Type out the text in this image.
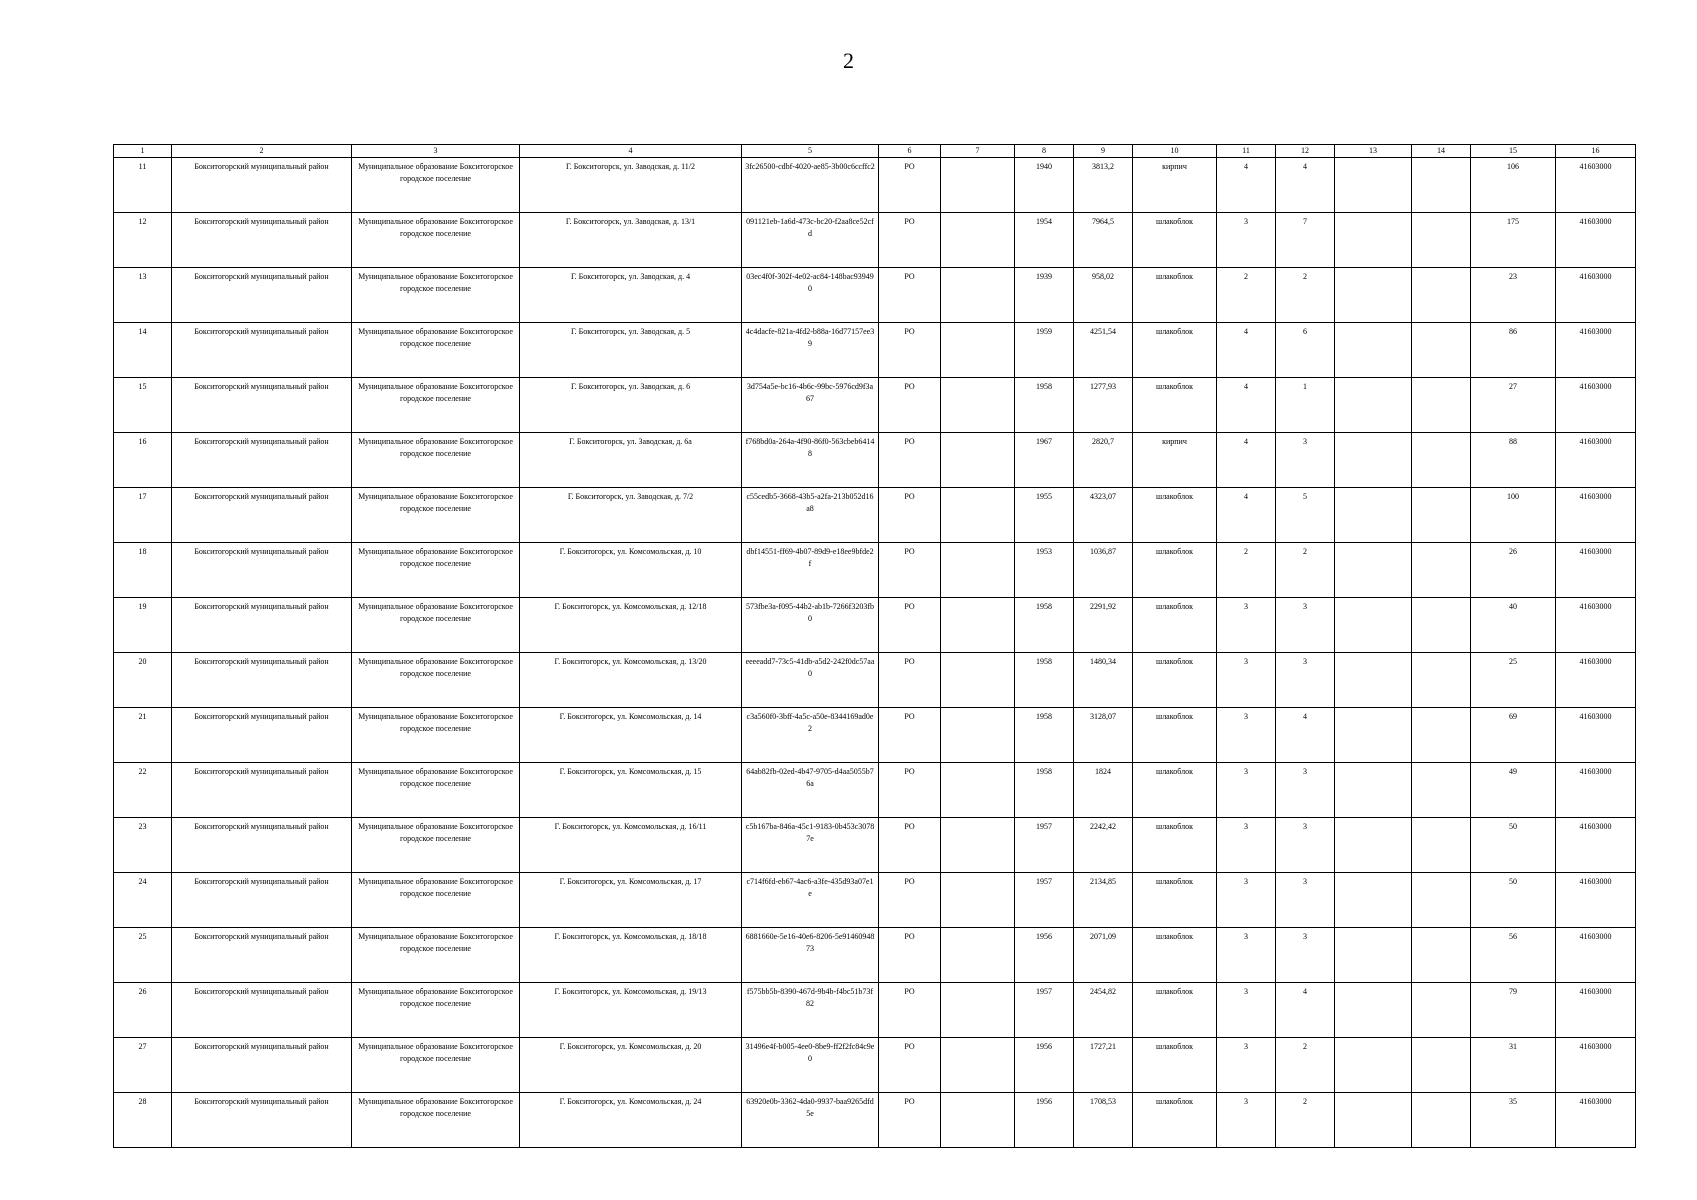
2
1	2	3	4	5	6	7	8	9	10	11	12	13	14	15	16
11	Бокситогорский муниципальный район	Муниципальное образование Бокситогорское городское поселение	Г. Бокситогорск, ул. Заводская, д. 11/2	3fc26500-cdbf-4020-ae85-3b00c6ccffc2	РО		1940	3813,2	кирпич	4	4			106	41603000
12	Бокситогорский муниципальный район	Муниципальное образование Бокситогорское городское поселение	Г. Бокситогорск, ул. Заводская, д. 13/1	091121eb-1a6d-473c-bc20-f2aa8ce52cfd	РО		1954	7964,5	шлакоблок	3	7			175	41603000
13	Бокситогорский муниципальный район	Муниципальное образование Бокситогорское городское поселение	Г. Бокситогорск, ул. Заводская, д. 4	03ec4f0f-302f-4e02-ac84-148bac939490	РО		1939	958,02	шлакоблок	2	2			23	41603000
14	Бокситогорский муниципальный район	Муниципальное образование Бокситогорское городское поселение	Г. Бокситогорск, ул. Заводская, д. 5	4c4dacfe-821a-4fd2-b88a-16d77157ee39	РО		1959	4251,54	шлакоблок	4	6			86	41603000
15	Бокситогорский муниципальный район	Муниципальное образование Бокситогорское городское поселение	Г. Бокситогорск, ул. Заводская, д. 6	3d754a5e-bc16-4b6c-99bc-5976cd9f3a67	РО		1958	1277,93	шлакоблок	4	1			27	41603000
16	Бокситогорский муниципальный район	Муниципальное образование Бокситогорское городское поселение	Г. Бокситогорск, ул. Заводская, д. 6а	f768bd0a-264a-4f90-86f0-563cbeb64148	РО		1967	2820,7	кирпич	4	3			88	41603000
17	Бокситогорский муниципальный район	Муниципальное образование Бокситогорское городское поселение	Г. Бокситогорск, ул. Заводская, д. 7/2	c55cedb5-3668-43b5-a2fa-213b052d16a8	РО		1955	4323,07	шлакоблок	4	5			100	41603000
18	Бокситогорский муниципальный район	Муниципальное образование Бокситогорское городское поселение	Г. Бокситогорск, ул. Комсомольская, д. 10	dbf14551-ff69-4b07-89d9-e18ee9bfde2f	РО		1953	1036,87	шлакоблок	2	2			26	41603000
19	Бокситогорский муниципальный район	Муниципальное образование Бокситогорское городское поселение	Г. Бокситогорск, ул. Комсомольская, д. 12/18	573fbe3a-f095-44b2-ab1b-7266f3203fb0	РО		1958	2291,92	шлакоблок	3	3			40	41603000
20	Бокситогорский муниципальный район	Муниципальное образование Бокситогорское городское поселение	Г. Бокситогорск, ул. Комсомольская, д. 13/20	eeeeadd7-73c5-41db-a5d2-242f0dc57aa0	РО		1958	1480,34	шлакоблок	3	3			25	41603000
21	Бокситогорский муниципальный район	Муниципальное образование Бокситогорское городское поселение	Г. Бокситогорск, ул. Комсомольская, д. 14	c3a560f0-3bff-4a5c-a50e-8344169ad0e2	РО		1958	3128,07	шлакоблок	3	4			69	41603000
22	Бокситогорский муниципальный район	Муниципальное образование Бокситогорское городское поселение	Г. Бокситогорск, ул. Комсомольская, д. 15	64ab82fb-02ed-4b47-9705-d4aa5055b76a	РО		1958	1824	шлакоблок	3	3			49	41603000
23	Бокситогорский муниципальный район	Муниципальное образование Бокситогорское городское поселение	Г. Бокситогорск, ул. Комсомольская, д. 16/11	c5b167ba-846a-45c1-9183-0b453c30787e	РО		1957	2242,42	шлакоблок	3	3			50	41603000
24	Бокситогорский муниципальный район	Муниципальное образование Бокситогорское городское поселение	Г. Бокситогорск, ул. Комсомольская, д. 17	c714f6fd-eb67-4ac6-a3fe-435d93a07e1e	РО		1957	2134,85	шлакоблок	3	3			50	41603000
25	Бокситогорский муниципальный район	Муниципальное образование Бокситогорское городское поселение	Г. Бокситогорск, ул. Комсомольская, д. 18/18	6881660e-5e16-40e6-8206-5e9146094873	РО		1956	2071,09	шлакоблок	3	3			56	41603000
26	Бокситогорский муниципальный район	Муниципальное образование Бокситогорское городское поселение	Г. Бокситогорск, ул. Комсомольская, д. 19/13	f575bb5b-8390-467d-9b4b-f4bc51b73f82	РО		1957	2454,82	шлакоблок	3	4			79	41603000
27	Бокситогорский муниципальный район	Муниципальное образование Бокситогорское городское поселение	Г. Бокситогорск, ул. Комсомольская, д. 20	31496e4f-b005-4ee0-8be9-ff2f2fc84c9e0	РО		1956	1727,21	шлакоблок	3	2			31	41603000
28	Бокситогорский муниципальный район	Муниципальное образование Бокситогорское городское поселение	Г. Бокситогорск, ул. Комсомольская, д. 24	63920e0b-3362-4da0-9937-baa9265dfd5e	РО		1956	1708,53	шлакоблок	3	2			35	41603000
